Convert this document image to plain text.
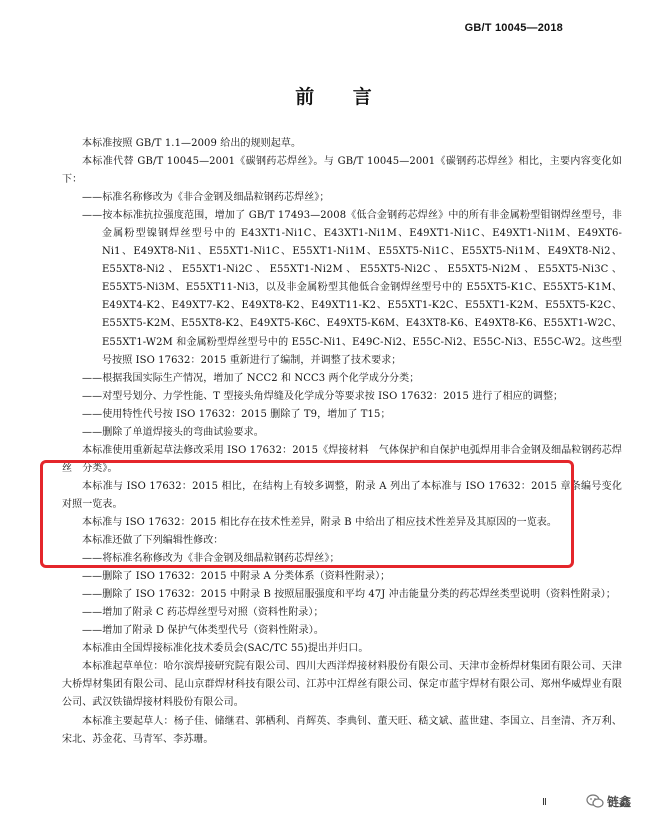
GB/T 10045—2018
前 言

本标准按照 GB/T 1.1—2009 给出的规则起草。

本标准代替 GB/T 10045—2001《碳钢药芯焊丝》。与 GB/T 10045—2001《碳钢药芯焊丝》相比，主要内容变化如下：

——标准名称修改为《非合金钢及细晶粒钢药芯焊丝》；

——按本标准抗拉强度范围，增加了 GB/T 17493—2008《低合金钢药芯焊丝》中的所有非金属粉型钼钢焊丝型号，非金属粉型镍钢焊丝型号中的 E43XT1-Ni1C、E43XT1-Ni1M、E49XT1-Ni1C、E49XT1-Ni1M、E49XT6-Ni1、E49XT8-Ni1、E55XT1-Ni1C、E55XT1-Ni1M、E55XT5-Ni1C、E55XT5-Ni1M、E49XT8-Ni2、E55XT8-Ni2、E55XT1-Ni2C、E55XT1-Ni2M、E55XT5-Ni2C、E55XT5-Ni2M、E55XT5-Ni3C、E55XT5-Ni3M、E55XT11-Ni3，以及非金属粉型其他低合金钢焊丝型号中的 E55XT5-K1C、E55XT5-K1M、E49XT4-K2、E49XT7-K2、E49XT8-K2、E49XT11-K2、E55XT1-K2C、E55XT1-K2M、E55XT5-K2C、E55XT5-K2M、E55XT8-K2、E49XT5-K6C、E49XT5-K6M、E43XT8-K6、E49XT8-K6、E55XT1-W2C、E55XT1-W2M 和金属粉型焊丝型号中的 E55C-Ni1、E49C-Ni2、E55C-Ni2、E55C-Ni3、E55C-W2。这些型号按照 ISO 17632：2015 重新进行了编制，并调整了技术要求；

——根据我国实际生产情况，增加了 NCC2 和 NCC3 两个化学成分分类；

——对型号划分、力学性能、T 型接头角焊缝及化学成分等要求按 ISO 17632：2015 进行了相应的调整；

——使用特性代号按 ISO 17632：2015 删除了 T9，增加了 T15；

——删除了单道焊接头的弯曲试验要求。

本标准使用重新起草法修改采用 ISO 17632：2015《焊接材料　气体保护和自保护电弧焊用非合金钢及细晶粒钢药芯焊丝　分类》。

本标准与 ISO 17632：2015 相比，在结构上有较多调整，附录 A 列出了本标准与 ISO 17632：2015 章条编号变化对照一览表。

本标准与 ISO 17632：2015 相比存在技术性差异，附录 B 中给出了相应技术性差异及其原因的一览表。

本标准还做了下列编辑性修改：

——将标准名称修改为《非合金钢及细晶粒钢药芯焊丝》；

——删除了 ISO 17632：2015 中附录 A 分类体系（资料性附录）；

——删除了 ISO 17632：2015 中附录 B 按照屈服强度和平均 47J 冲击能量分类的药芯焊丝类型说明（资料性附录）；

——增加了附录 C 药芯焊丝型号对照（资料性附录）；

——增加了附录 D 保护气体类型代号（资料性附录）。

本标准由全国焊接标准化技术委员会(SAC/TC 55)提出并归口。

本标准起草单位：哈尔滨焊接研究院有限公司、四川大西洋焊接材料股份有限公司、天津市金桥焊材集团有限公司、天津大桥焊材集团有限公司、昆山京群焊材科技有限公司、江苏中江焊丝有限公司、保定市蓝宇焊材有限公司、郑州华威焊业有限公司、武汉铁锚焊接材料股份有限公司。

本标准主要起草人：杨子佳、储继君、郭栖利、肖辉英、李典钊、董天旺、嵇文斌、蓝世建、李国立、吕奎清、齐万利、宋北、苏金花、马青军、李苏珊。

Ⅱ	链鑫
